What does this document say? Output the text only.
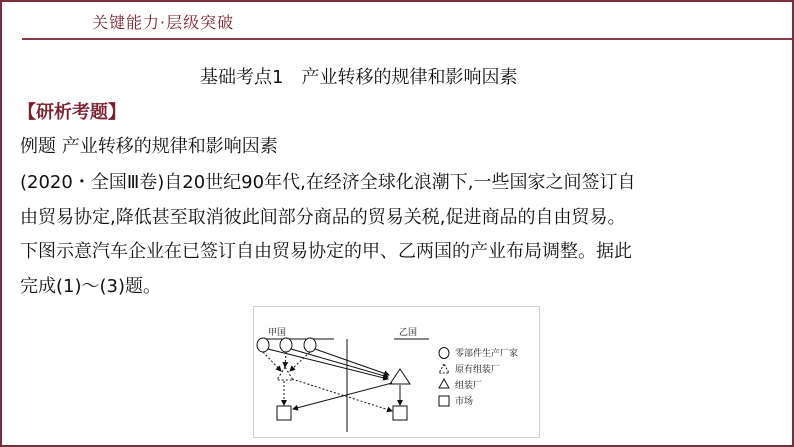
关键能力·层级突破
基础考点1　产业转移的规律和影响因素
【研析考题】
例题 产业转移的规律和影响因素
(2020・全国Ⅲ卷)自20世纪90年代,在经济全球化浪潮下,一些国家之间签订自
由贸易协定,降低甚至取消彼此间部分商品的贸易关税,促进商品的自由贸易。
下图示意汽车企业在已签订自由贸易协定的甲、乙两国的产业布局调整。据此
完成(1)～(3)题。
甲国	乙国
零部件生产厂家
原有组装厂
组装厂
市场
